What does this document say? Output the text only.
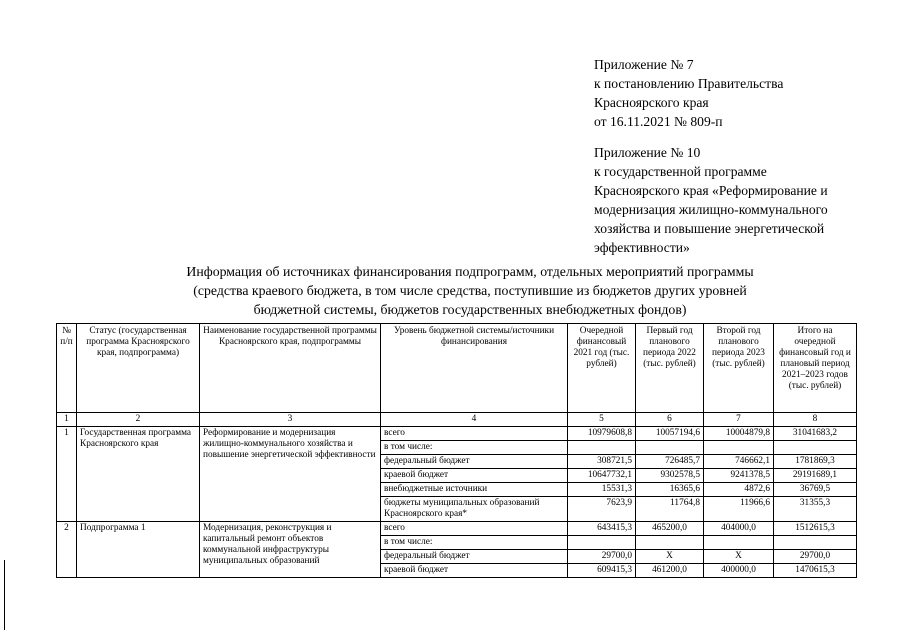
Приложение № 7
к постановлению Правительства
Красноярского края
от 16.11.2021 № 809-п
Приложение № 10
к государственной программе
Красноярского края «Реформирование и
модернизация жилищно-коммунального
хозяйства и повышение энергетической
эффективности»
Информация об источниках финансирования подпрограмм, отдельных мероприятий программы
(средства краевого бюджета, в том числе средства, поступившие из бюджетов других уровней
бюджетной системы, бюджетов государственных внебюджетных фондов)
№ п/п	Статус (государственная программа Красноярского края, подпрограмма)	Наименование государственной программы Красноярского края, подпрограммы	Уровень бюджетной системы/источники финансирования	Очередной финансовый 2021 год (тыс. рублей)	Первый год планового периода 2022 (тыс. рублей)	Второй год планового периода 2023 (тыс. рублей)	Итого на очередной финансовый год и плановый период 2021–2023 годов (тыс. рублей)
1	2	3	4	5	6	7	8
1	Государственная программа Красноярского края	Реформирование и модернизация жилищно-коммунального хозяйства и повышение энергетической эффективности	всего	10979608,8	10057194,6	10004879,8	31041683,2
			в том числе:				
			федеральный бюджет	308721,5	726485,7	746662,1	1781869,3
			краевой бюджет	10647732,1	9302578,5	9241378,5	29191689,1
			внебюджетные источники	15531,3	16365,6	4872,6	36769,5
			бюджеты муниципальных образований Красноярского края*	7623,9	11764,8	11966,6	31355,3
2	Подпрограмма 1	Модернизация, реконструкция и капитальный ремонт объектов коммунальной инфраструктуры муниципальных образований	всего	643415,3	465200,0	404000,0	1512615,3
			в том числе:				
			федеральный бюджет	29700,0	X	X	29700,0
			краевой бюджет	609415,3	461200,0	400000,0	1470615,3
